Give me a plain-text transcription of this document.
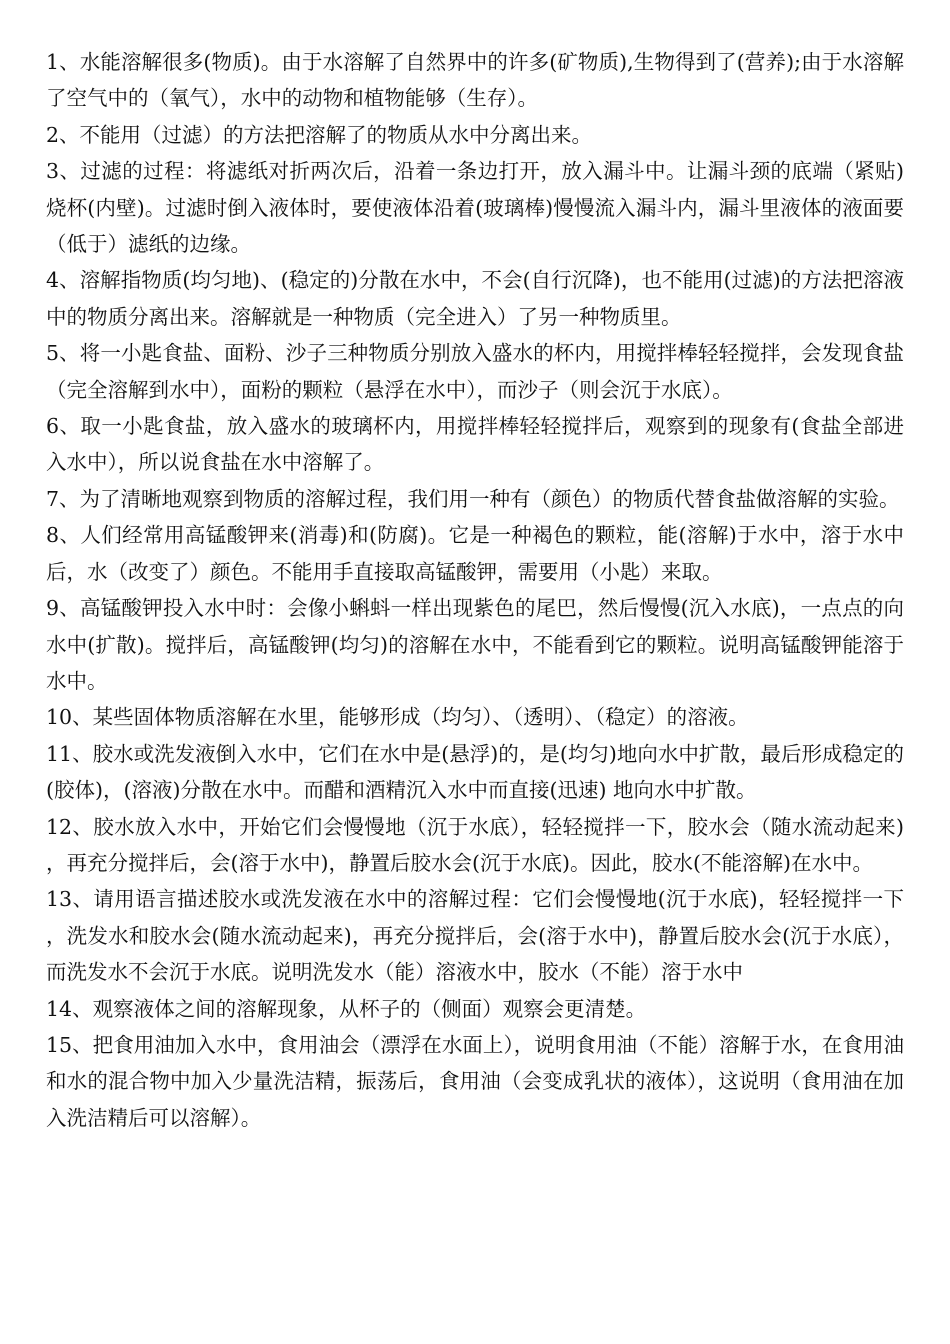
1、水能溶解很多(物质)。由于水溶解了自然界中的许多(矿物质),生物得到了(营养);由于水溶解了空气中的（氧气），水中的动物和植物能够（生存）。

2、不能用（过滤）的方法把溶解了的物质从水中分离出来。

3、过滤的过程：将滤纸对折两次后，沿着一条边打开，放入漏斗中。让漏斗颈的底端（紧贴)烧杯(内壁)。过滤时倒入液体时，要使液体沿着(玻璃棒)慢慢流入漏斗内，漏斗里液体的液面要（低于）滤纸的边缘。

4、溶解指物质(均匀地)、(稳定的)分散在水中，不会(自行沉降)，也不能用(过滤)的方法把溶液中的物质分离出来。溶解就是一种物质（完全进入）了另一种物质里。

5、将一小匙食盐、面粉、沙子三种物质分别放入盛水的杯内，用搅拌棒轻轻搅拌，会发现食盐（完全溶解到水中），面粉的颗粒（悬浮在水中），而沙子（则会沉于水底）。

6、取一小匙食盐，放入盛水的玻璃杯内，用搅拌棒轻轻搅拌后，观察到的现象有(食盐全部进入水中），所以说食盐在水中溶解了。

7、为了清晰地观察到物质的溶解过程，我们用一种有（颜色）的物质代替食盐做溶解的实验。

8、人们经常用高锰酸钾来(消毒)和(防腐)。它是一种褐色的颗粒，能(溶解)于水中，溶于水中后，水（改变了）颜色。不能用手直接取高锰酸钾，需要用（小匙）来取。

9、高锰酸钾投入水中时：会像小蝌蚪一样出现紫色的尾巴，然后慢慢(沉入水底)，一点点的向水中(扩散)。搅拌后，高锰酸钾(均匀)的溶解在水中，不能看到它的颗粒。说明高锰酸钾能溶于水中。

10、某些固体物质溶解在水里，能够形成（均匀）、（透明）、（稳定）的溶液。

11、胶水或洗发液倒入水中，它们在水中是(悬浮)的，是(均匀)地向水中扩散，最后形成稳定的(胶体)，(溶液)分散在水中。而醋和酒精沉入水中而直接(迅速) 地向水中扩散。

12、胶水放入水中，开始它们会慢慢地（沉于水底），轻轻搅拌一下，胶水会（随水流动起来)，再充分搅拌后，会(溶于水中)，静置后胶水会(沉于水底)。因此，胶水(不能溶解)在水中。

13、请用语言描述胶水或洗发液在水中的溶解过程：它们会慢慢地(沉于水底)，轻轻搅拌一下，洗发水和胶水会(随水流动起来)，再充分搅拌后，会(溶于水中)，静置后胶水会(沉于水底），而洗发水不会沉于水底。说明洗发水（能）溶液水中，胶水（不能）溶于水中

14、观察液体之间的溶解现象，从杯子的（侧面）观察会更清楚。

15、把食用油加入水中，食用油会（漂浮在水面上），说明食用油（不能）溶解于水，在食用油和水的混合物中加入少量洗洁精，振荡后，食用油（会变成乳状的液体），这说明（食用油在加入洗洁精后可以溶解）。
